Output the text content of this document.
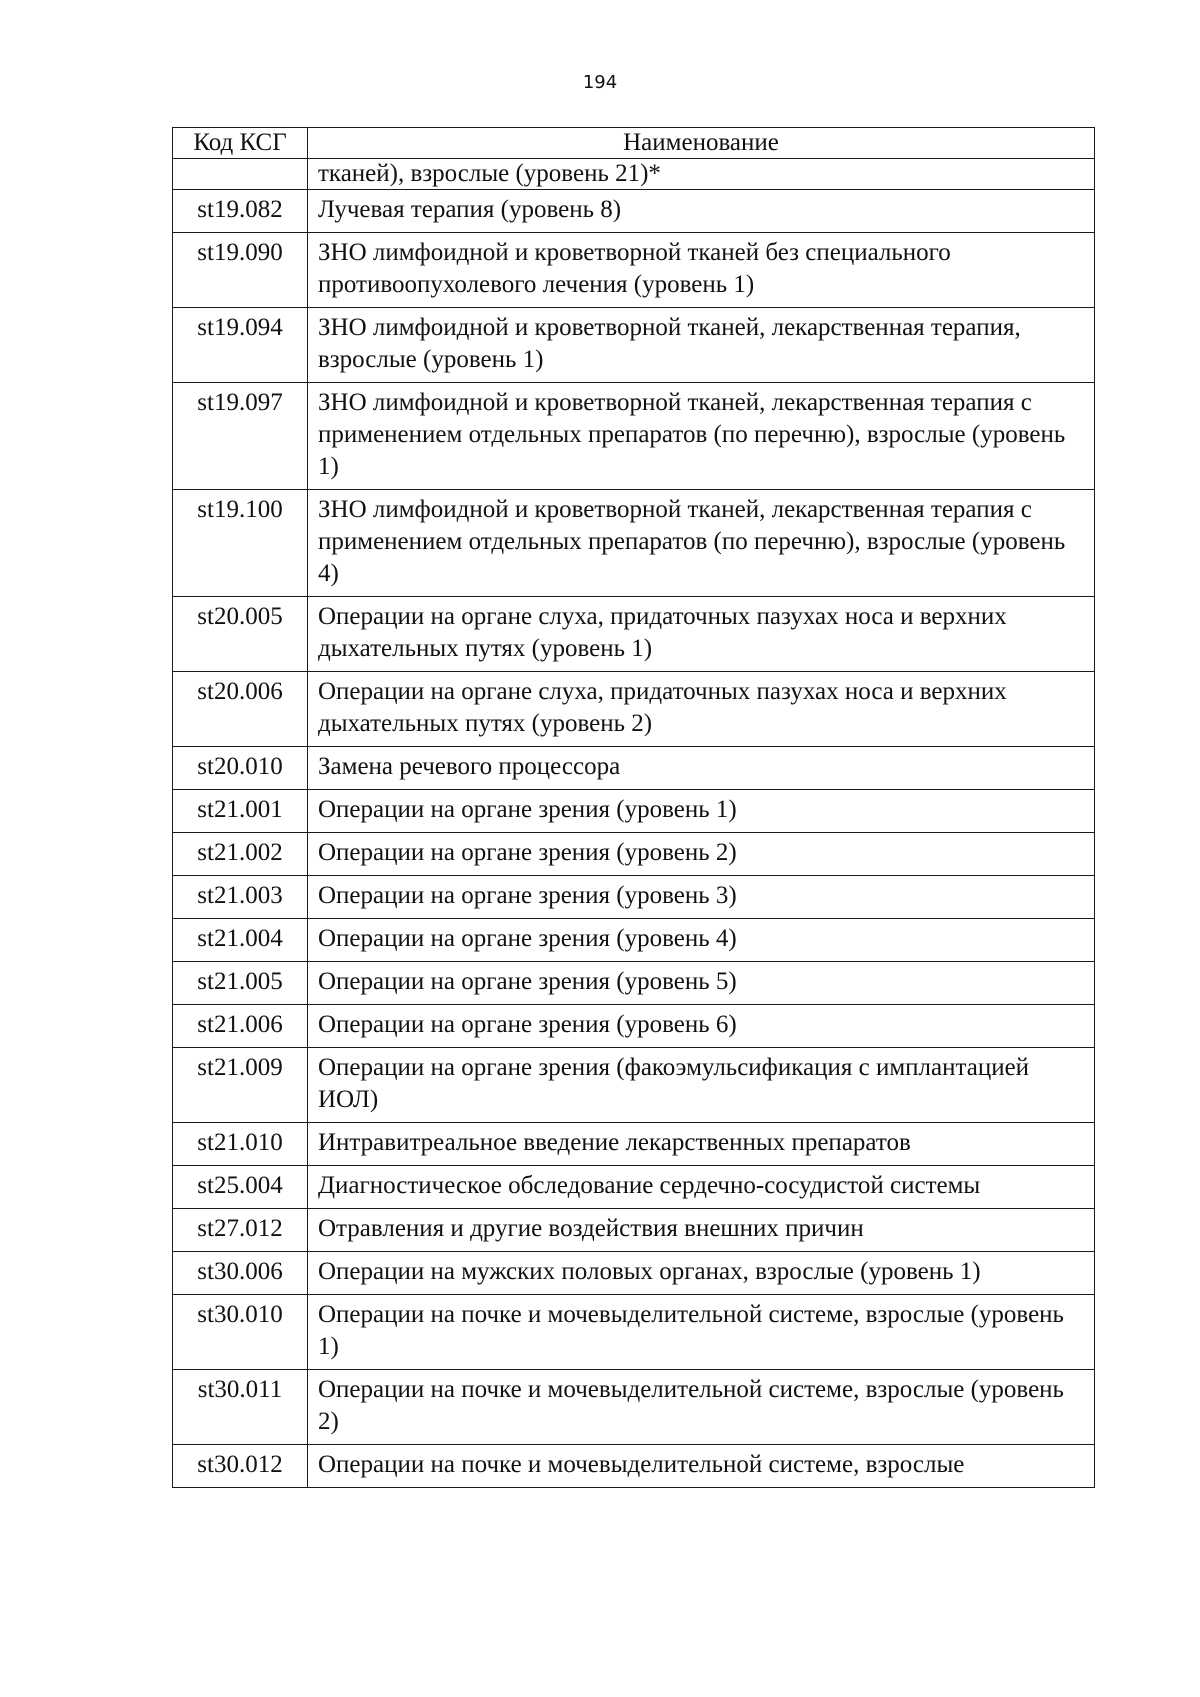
194
Код КСГ	Наименование
	тканей), взрослые (уровень 21)*
st19.082	Лучевая терапия (уровень 8)
st19.090	ЗНО лимфоидной и кроветворной тканей без специального противоопухолевого лечения (уровень 1)
st19.094	ЗНО лимфоидной и кроветворной тканей, лекарственная терапия, взрослые (уровень 1)
st19.097	ЗНО лимфоидной и кроветворной тканей, лекарственная терапия с применением отдельных препаратов (по перечню), взрослые (уровень 1)
st19.100	ЗНО лимфоидной и кроветворной тканей, лекарственная терапия с применением отдельных препаратов (по перечню), взрослые (уровень 4)
st20.005	Операции на органе слуха, придаточных пазухах носа и верхних дыхательных путях (уровень 1)
st20.006	Операции на органе слуха, придаточных пазухах носа и верхних дыхательных путях (уровень 2)
st20.010	Замена речевого процессора
st21.001	Операции на органе зрения (уровень 1)
st21.002	Операции на органе зрения (уровень 2)
st21.003	Операции на органе зрения (уровень 3)
st21.004	Операции на органе зрения (уровень 4)
st21.005	Операции на органе зрения (уровень 5)
st21.006	Операции на органе зрения (уровень 6)
st21.009	Операции на органе зрения (факоэмульсификация с имплантацией ИОЛ)
st21.010	Интравитреальное введение лекарственных препаратов
st25.004	Диагностическое обследование сердечно-сосудистой системы
st27.012	Отравления и другие воздействия внешних причин
st30.006	Операции на мужских половых органах, взрослые (уровень 1)
st30.010	Операции на почке и мочевыделительной системе, взрослые (уровень 1)
st30.011	Операции на почке и мочевыделительной системе, взрослые (уровень 2)
st30.012	Операции на почке и мочевыделительной системе, взрослые
